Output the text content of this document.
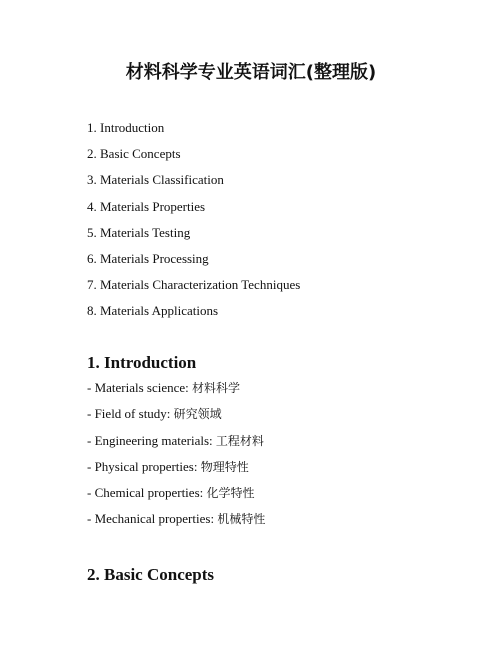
材料科学专业英语词汇(整理版)
1. Introduction
2. Basic Concepts
3. Materials Classification
4. Materials Properties
5. Materials Testing
6. Materials Processing
7. Materials Characterization Techniques
8. Materials Applications
1. Introduction
- Materials science: 材料科学
- Field of study: 研究领域
- Engineering materials: 工程材料
- Physical properties: 物理特性
- Chemical properties: 化学特性
- Mechanical properties: 机械特性
2. Basic Concepts
